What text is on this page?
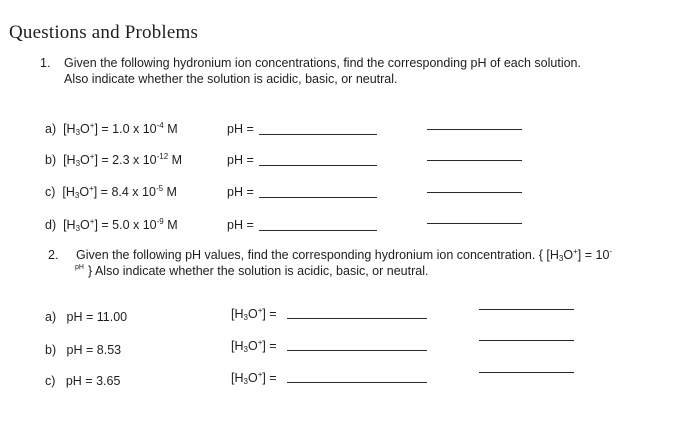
Questions and Problems
1. Given the following hydronium ion concentrations, find the corresponding pH of each solution.
Also indicate whether the solution is acidic, basic, or neutral.
a) $[H_3O^+] = 1.0$ x $10^{-4}$ M	pH =
b) $[H_3O^+] = 2.3$ x $10^{-12}$ M	pH =
c) $[H_3O^+] = 8.4$ x $10^{-5}$ M	pH =
d) $[H_3O^+] = 5.0$ x $10^{-9}$ M	pH =
2. Given the following pH values, find the corresponding hydronium ion concentration. { $[H_3O^+] = 10^-$
pH } Also indicate whether the solution is acidic, basic, or neutral.
a) pH = 11.00	$[H_3O^+]$ =
b) pH = 8.53	$[H_3O^+]$ =
c) pH = 3.65	$[H_3O^+]$ =
